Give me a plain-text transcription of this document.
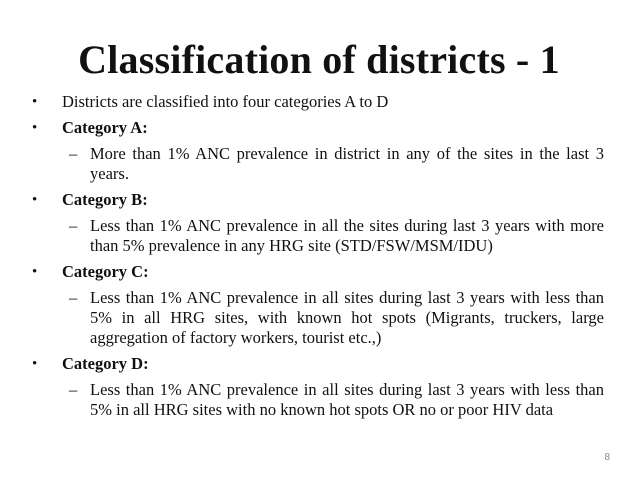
Classification of districts - 1
• Districts are classified into four categories A to D
• Category A:
– More than 1% ANC prevalence in district in any of the sites in the last 3 years.
• Category B:
– Less than 1% ANC prevalence in all the sites during last 3 years with more than 5% prevalence in any HRG site (STD/FSW/MSM/IDU)
• Category C:
– Less than 1% ANC prevalence in all sites during last 3 years with less than 5% in all HRG sites, with known hot spots (Migrants, truckers, large aggregation of factory workers, tourist etc.,)
• Category D:
– Less than 1% ANC prevalence in all sites during last 3 years with less than 5% in all HRG sites with no known hot spots OR no or poor HIV data
8
